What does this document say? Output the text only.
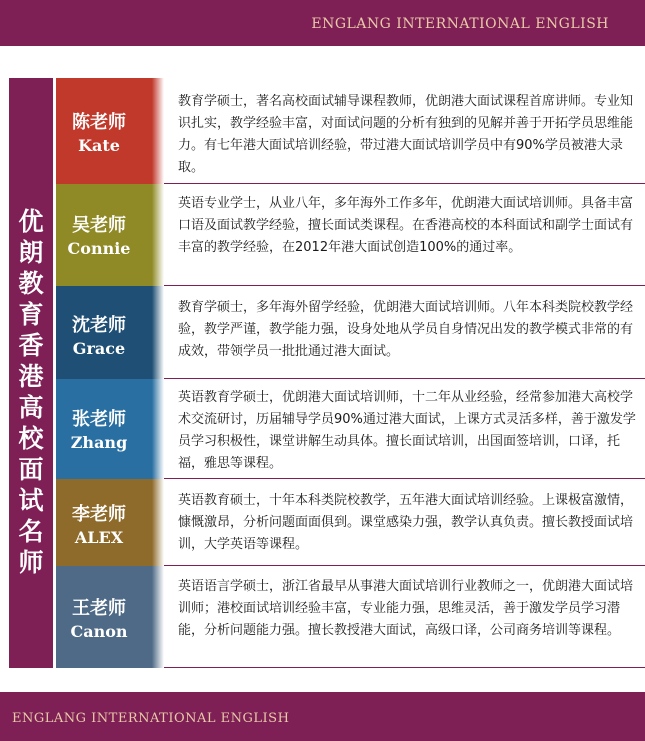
ENGLANG INTERNATIONAL ENGLISH
优
朗
教
育
香
港
高
校
面
试
名
师
陈老师
Kate
教育学硕士，著名高校面试辅导课程教师，优朗港大面试课程首席讲师。专业知识扎实，教学经验丰富，对面试问题的分析有独到的见解并善于开拓学员思维能力。有七年港大面试培训经验，带过港大面试培训学员中有90%学员被港大录取。
吴老师
Connie
英语专业学士，从业八年，多年海外工作多年，优朗港大面试培训师。具备丰富口语及面试教学经验，擅长面试类课程。在香港高校的本科面试和副学士面试有丰富的教学经验，在2012年港大面试创造100%的通过率。
沈老师
Grace
教育学硕士，多年海外留学经验，优朗港大面试培训师。八年本科类院校教学经验，教学严谨，教学能力强，设身处地从学员自身情况出发的教学模式非常的有成效，带领学员一批批通过港大面试。
张老师
Zhang
英语教育学硕士，优朗港大面试培训师，十二年从业经验，经常参加港大高校学术交流研讨，历届辅导学员90%通过港大面试，上课方式灵活多样，善于激发学员学习积极性，课堂讲解生动具体。擅长面试培训，出国面签培训，口译，托福，雅思等课程。
李老师
ALEX
英语教育硕士，十年本科类院校教学，五年港大面试培训经验。上课极富激情，慷慨激昂，分析问题面面俱到。课堂感染力强，教学认真负责。擅长教授面试培训，大学英语等课程。
王老师
Canon
英语语言学硕士，浙江省最早从事港大面试培训行业教师之一，优朗港大面试培训师；港校面试培训经验丰富，专业能力强，思维灵活，善于激发学员学习潜能，分析问题能力强。擅长教授港大面试，高级口译，公司商务培训等课程。
ENGLANG INTERNATIONAL ENGLISH
